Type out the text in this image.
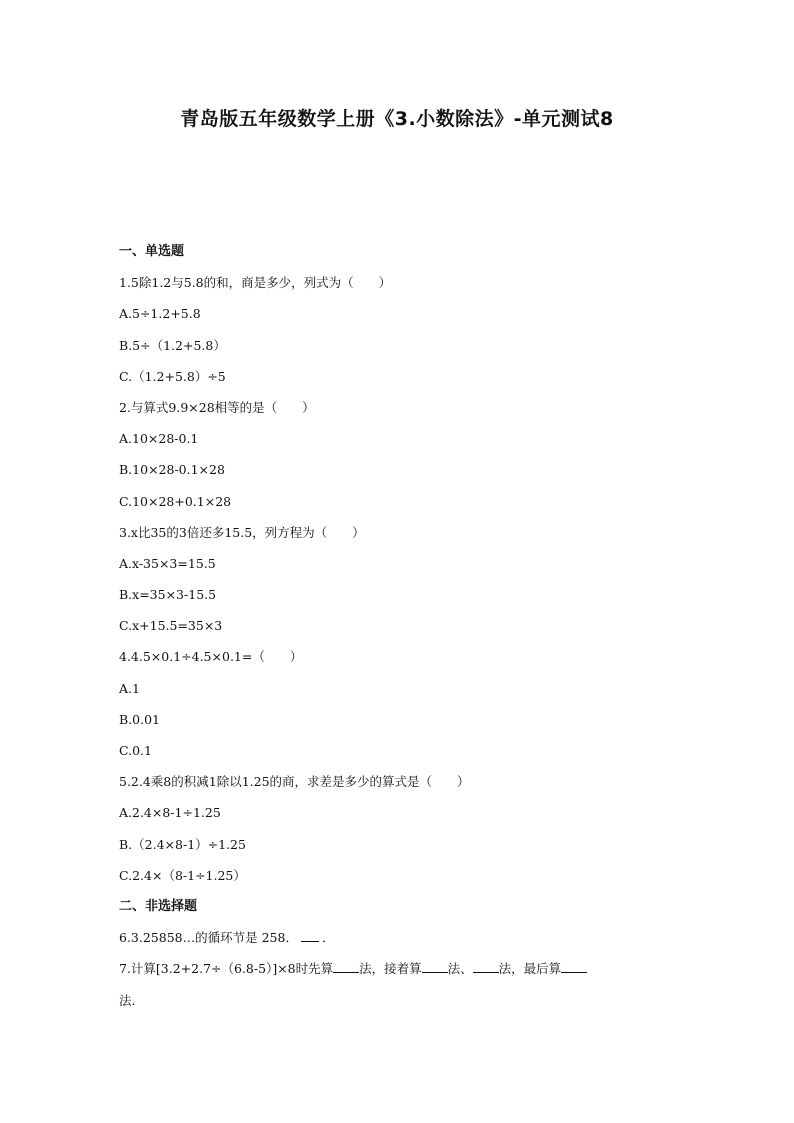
青岛版五年级数学上册《3.小数除法》-单元测试8
一、单选题
1.5除1.2与5.8的和，商是多少，列式为（　　）
A.5÷1.2+5.8
B.5÷（1.2+5.8）
C.（1.2+5.8）÷5
2.与算式9.9×28相等的是（　　）
A.10×28-0.1
B.10×28-0.1×28
C.10×28+0.1×28
3.x比35的3倍还多15.5，列方程为（　　）
A.x-35×3=15.5
B.x=35×3-15.5
C.x+15.5=35×3
4.4.5×0.1÷4.5×0.1=（　　）
A.1
B.0.01
C.0.1
5.2.4乘8的积减1除以1.25的商，求差是多少的算式是（　　）
A.2.4×8-1÷1.25
B.（2.4×8-1）÷1.25
C.2.4×（8-1÷1.25）
二、非选择题
6.3.25858…的循环节是 258． ．
7.计算[3.2+2.7÷（6.8-5）]×8时先算 法，接着算 法、 法，最后算
法.
